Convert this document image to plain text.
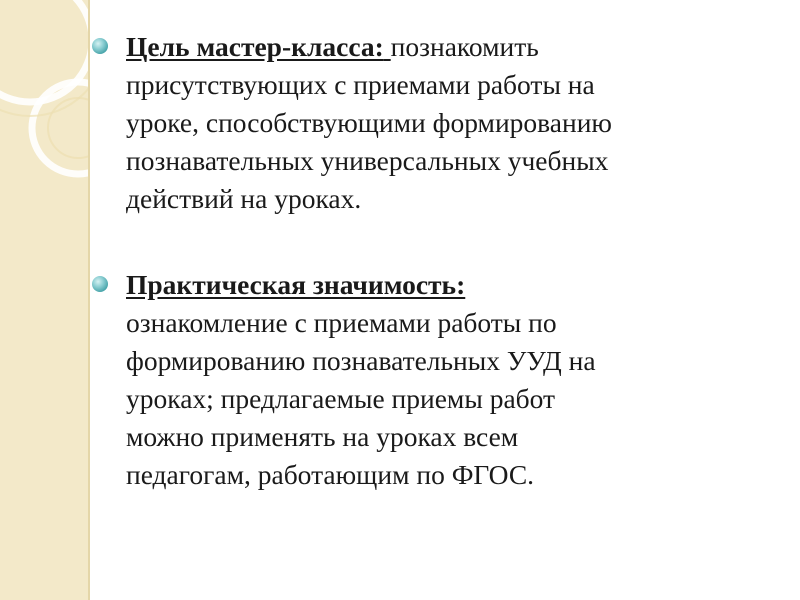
Цель мастер-класса: познакомить
присутствующих с приемами работы на
уроке, способствующими формированию
познавательных универсальных учебных
действий на уроках.
Практическая значимость:
ознакомление с приемами работы по
формированию познавательных УУД на
уроках; предлагаемые приемы работ
можно применять на уроках всем
педагогам, работающим по ФГОС.
